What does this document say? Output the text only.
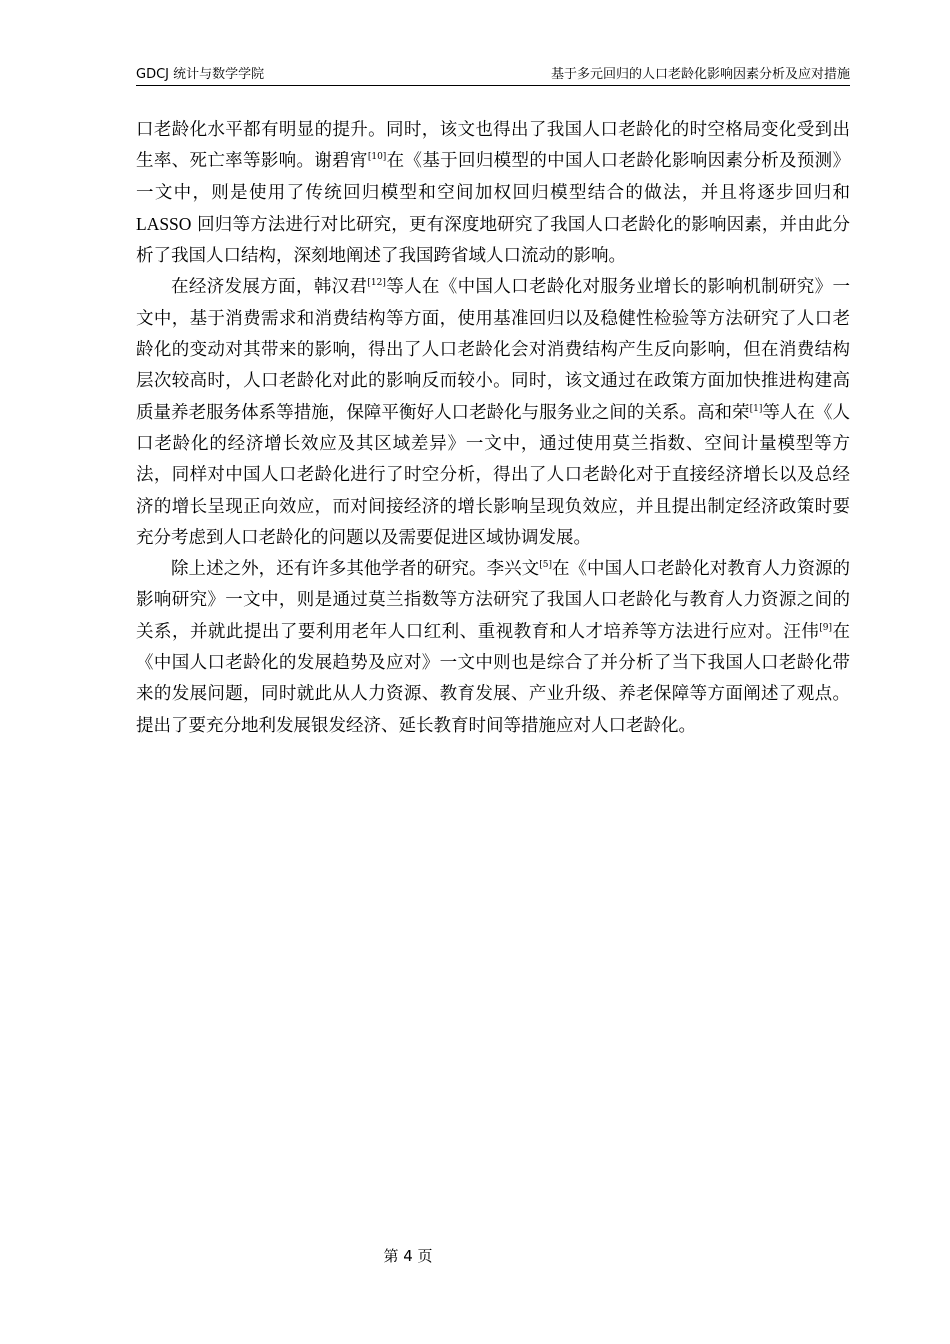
GDCJ 统计与数学学院	基于多元回归的人口老龄化影响因素分析及应对措施

口老龄化水平都有明显的提升。同时，该文也得出了我国人口老龄化的时空格局变化受到出生率、死亡率等影响。谢碧宵[10]在《基于回归模型的中国人口老龄化影响因素分析及预测》一文中，则是使用了传统回归模型和空间加权回归模型结合的做法，并且将逐步回归和 LASSO 回归等方法进行对比研究，更有深度地研究了我国人口老龄化的影响因素，并由此分析了我国人口结构，深刻地阐述了我国跨省域人口流动的影响。

在经济发展方面，韩汉君[12]等人在《中国人口老龄化对服务业增长的影响机制研究》一文中，基于消费需求和消费结构等方面，使用基准回归以及稳健性检验等方法研究了人口老龄化的变动对其带来的影响，得出了人口老龄化会对消费结构产生反向影响，但在消费结构层次较高时，人口老龄化对此的影响反而较小。同时，该文通过在政策方面加快推进构建高质量养老服务体系等措施，保障平衡好人口老龄化与服务业之间的关系。高和荣[1]等人在《人口老龄化的经济增长效应及其区域差异》一文中，通过使用莫兰指数、空间计量模型等方法，同样对中国人口老龄化进行了时空分析，得出了人口老龄化对于直接经济增长以及总经济的增长呈现正向效应，而对间接经济的增长影响呈现负效应，并且提出制定经济政策时要充分考虑到人口老龄化的问题以及需要促进区域协调发展。

除上述之外，还有许多其他学者的研究。李兴文[5]在《中国人口老龄化对教育人力资源的影响研究》一文中，则是通过莫兰指数等方法研究了我国人口老龄化与教育人力资源之间的关系，并就此提出了要利用老年人口红利、重视教育和人才培养等方法进行应对。汪伟[9]在《中国人口老龄化的发展趋势及应对》一文中则也是综合了并分析了当下我国人口老龄化带来的发展问题，同时就此从人力资源、教育发展、产业升级、养老保障等方面阐述了观点。提出了要充分地利发展银发经济、延长教育时间等措施应对人口老龄化。

第 4 页
